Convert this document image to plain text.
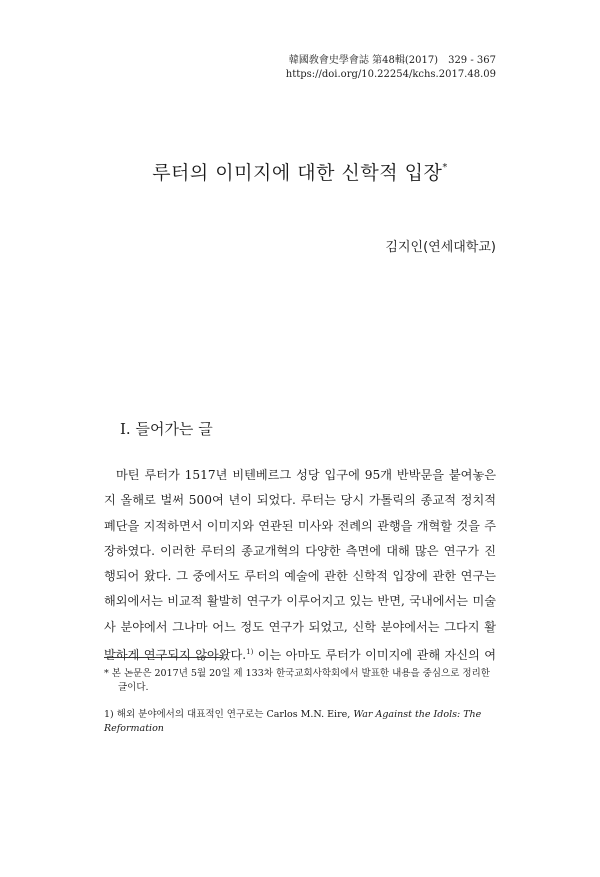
韓國敎會史學會誌 第48輯(2017)　329 - 367
https://doi.org/10.22254/kchs.2017.48.09
루터의 이미지에 대한 신학적 입장*
김지인(연세대학교)
I. 들어가는 글
마틴 루터가 1517년 비텐베르그 성당 입구에 95개 반박문을 붙여놓은
지 올해로 벌써 500여 년이 되었다. 루터는 당시 가톨릭의 종교적 정치적
폐단을 지적하면서 이미지와 연관된 미사와 전례의 관행을 개혁할 것을 주
장하였다. 이러한 루터의 종교개혁의 다양한 측면에 대해 많은 연구가 진
행되어 왔다. 그 중에서도 루터의 예술에 관한 신학적 입장에 관한 연구는
해외에서는 비교적 활발히 연구가 이루어지고 있는 반면, 국내에서는 미술
사 분야에서 그나마 어느 정도 연구가 되었고, 신학 분야에서는 그다지 활
발하게 연구되지 않아왔다.$^{1)}$ 이는 아마도 루터가 이미지에 관해 자신의 여
* 본 논문은 2017년 5월 20일 제 133차 한국교회사학회에서 발표한 내용을 중심으로 정리한
글이다.
1) 해외 분야에서의 대표적인 연구로는 Carlos M.N. Eire, War Against the Idols: The Reformation
